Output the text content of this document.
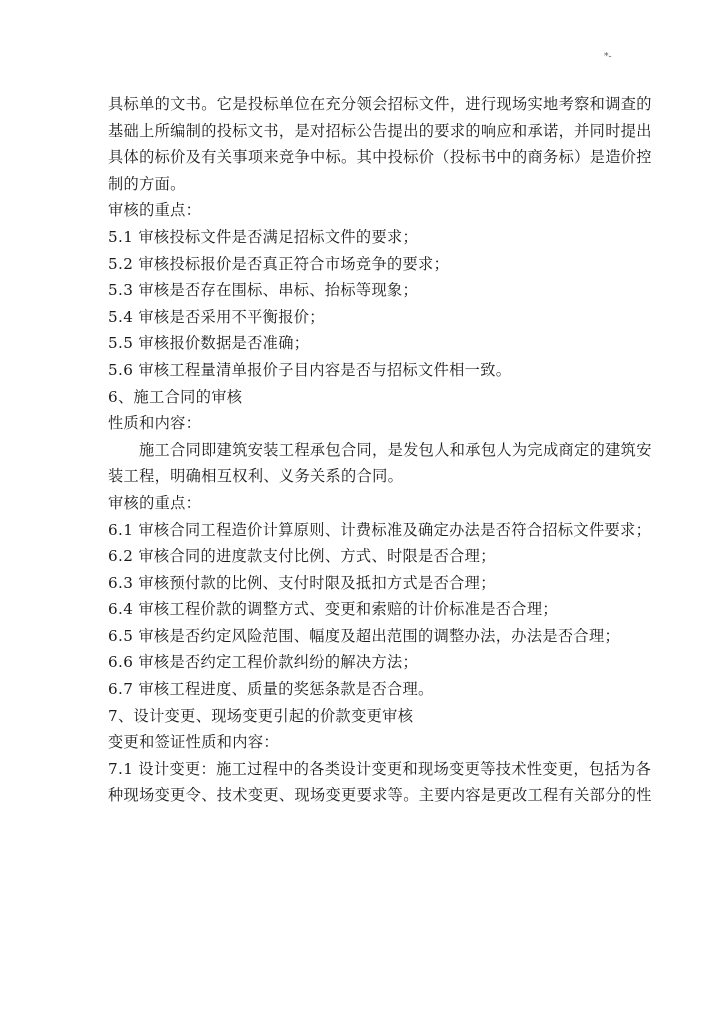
*-
具标单的文书。它是投标单位在充分领会招标文件，进行现场实地考察和调查的
基础上所编制的投标文书，是对招标公告提出的要求的响应和承诺，并同时提出
具体的标价及有关事项来竞争中标。其中投标价（投标书中的商务标）是造价控
制的方面。
审核的重点：
5.1 审核投标文件是否满足招标文件的要求；
5.2 审核投标报价是否真正符合市场竞争的要求；
5.3 审核是否存在围标、串标、抬标等现象；
5.4 审核是否采用不平衡报价；
5.5 审核报价数据是否准确；
5.6 审核工程量清单报价子目内容是否与招标文件相一致。
6、施工合同的审核
性质和内容：
施工合同即建筑安装工程承包合同，是发包人和承包人为完成商定的建筑安
装工程，明确相互权利、义务关系的合同。
审核的重点：
6.1 审核合同工程造价计算原则、计费标准及确定办法是否符合招标文件要求；
6.2 审核合同的进度款支付比例、方式、时限是否合理；
6.3 审核预付款的比例、支付时限及抵扣方式是否合理；
6.4 审核工程价款的调整方式、变更和索赔的计价标准是否合理；
6.5 审核是否约定风险范围、幅度及超出范围的调整办法，办法是否合理；
6.6 审核是否约定工程价款纠纷的解决方法；
6.7 审核工程进度、质量的奖惩条款是否合理。
7、设计变更、现场变更引起的价款变更审核
变更和签证性质和内容：
7.1 设计变更：施工过程中的各类设计变更和现场变更等技术性变更，包括为各
种现场变更令、技术变更、现场变更要求等。主要内容是更改工程有关部分的性
